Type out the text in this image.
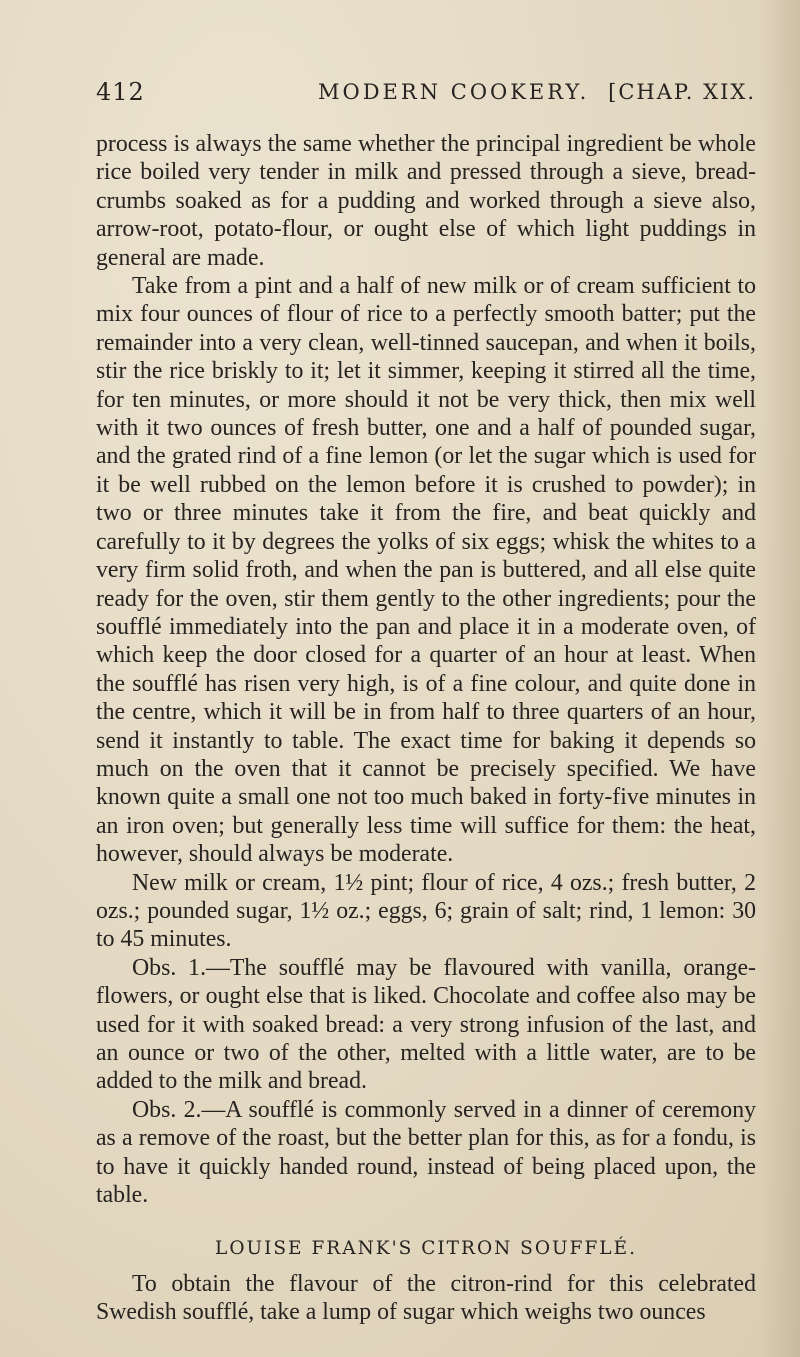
412	MODERN COOKERY. [CHAP. XIX.

process is always the same whether the principal ingredient be whole rice boiled very tender in milk and pressed through a sieve, bread-crumbs soaked as for a pudding and worked through a sieve also, arrow-root, potato-flour, or ought else of which light puddings in general are made.

Take from a pint and a half of new milk or of cream sufficient to mix four ounces of flour of rice to a perfectly smooth batter; put the remainder into a very clean, well-tinned saucepan, and when it boils, stir the rice briskly to it; let it simmer, keeping it stirred all the time, for ten minutes, or more should it not be very thick, then mix well with it two ounces of fresh butter, one and a half of pounded sugar, and the grated rind of a fine lemon (or let the sugar which is used for it be well rubbed on the lemon before it is crushed to powder); in two or three minutes take it from the fire, and beat quickly and carefully to it by degrees the yolks of six eggs; whisk the whites to a very firm solid froth, and when the pan is buttered, and all else quite ready for the oven, stir them gently to the other ingredients; pour the soufflé immediately into the pan and place it in a moderate oven, of which keep the door closed for a quarter of an hour at least. When the soufflé has risen very high, is of a fine colour, and quite done in the centre, which it will be in from half to three quarters of an hour, send it instantly to table. The exact time for baking it depends so much on the oven that it cannot be precisely specified. We have known quite a small one not too much baked in forty-five minutes in an iron oven; but generally less time will suffice for them: the heat, however, should always be moderate.

New milk or cream, 1½ pint; flour of rice, 4 ozs.; fresh butter, 2 ozs.; pounded sugar, 1½ oz.; eggs, 6; grain of salt; rind, 1 lemon: 30 to 45 minutes.

Obs. 1.—The soufflé may be flavoured with vanilla, orange-flowers, or ought else that is liked. Chocolate and coffee also may be used for it with soaked bread: a very strong infusion of the last, and an ounce or two of the other, melted with a little water, are to be added to the milk and bread.

Obs. 2.—A soufflé is commonly served in a dinner of ceremony as a remove of the roast, but the better plan for this, as for a fondu, is to have it quickly handed round, instead of being placed upon, the table.

LOUISE FRANK'S CITRON SOUFFLÉ.

To obtain the flavour of the citron-rind for this celebrated Swedish soufflé, take a lump of sugar which weighs two ounces
